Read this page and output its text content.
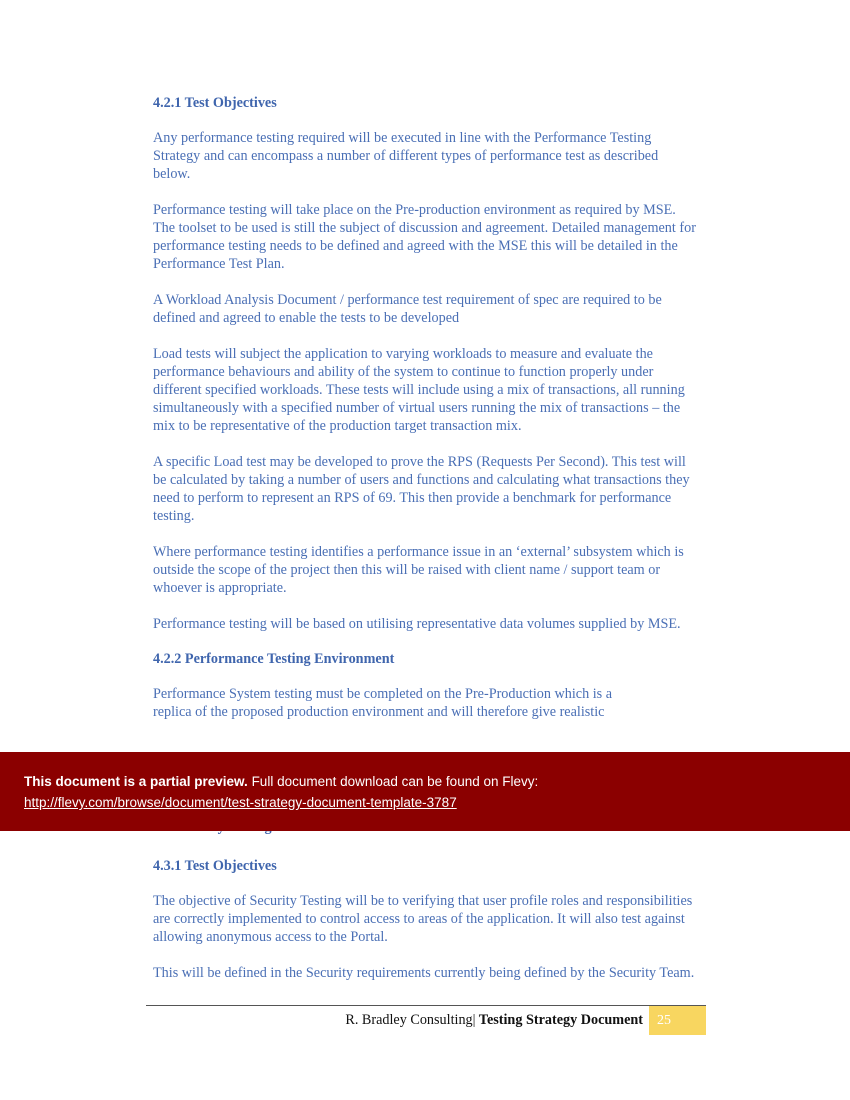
4.2.1 Test Objectives

Any performance testing required will be executed in line with the Performance Testing Strategy and can encompass a number of different types of performance test as described below.

Performance testing will take place on the Pre-production environment as required by MSE. The toolset to be used is still the subject of discussion and agreement. Detailed management for performance testing needs to be defined and agreed with the MSE this will be detailed in the Performance Test Plan.

A Workload Analysis Document / performance test requirement of spec are required to be defined and agreed to enable the tests to be developed

Load tests will subject the application to varying workloads to measure and evaluate the performance behaviours and ability of the system to continue to function properly under different specified workloads. These tests will include using a mix of transactions, all running simultaneously with a specified number of virtual users running the mix of transactions – the mix to be representative of the production target transaction mix.

A specific Load test may be developed to prove the RPS (Requests Per Second). This test will be calculated by taking a number of users and functions and calculating what transactions they need to perform to represent an RPS of 69. This then provide a benchmark for performance testing.

Where performance testing identifies a performance issue in an ‘external’ subsystem which is outside the scope of the project then this will be raised with client name / support team or whoever is appropriate.

Performance testing will be based on utilising representative data volumes supplied by MSE.

4.2.2 Performance Testing Environment

Performance System testing must be completed on the Pre-Production which is a

replica of the proposed production environment and will therefore give realistic

This document is a partial preview. Full document download can be found on Flevy:
http://flevy.com/browse/document/test-strategy-document-template-3787

4.3.1 Test Objectives

The objective of Security Testing will be to verifying that user profile roles and responsibilities are correctly implemented to control access to areas of the application. It will also test against allowing anonymous access to the Portal.

This will be defined in the Security requirements currently being defined by the Security Team.

R. Bradley Consulting| Testing Strategy Document	25
